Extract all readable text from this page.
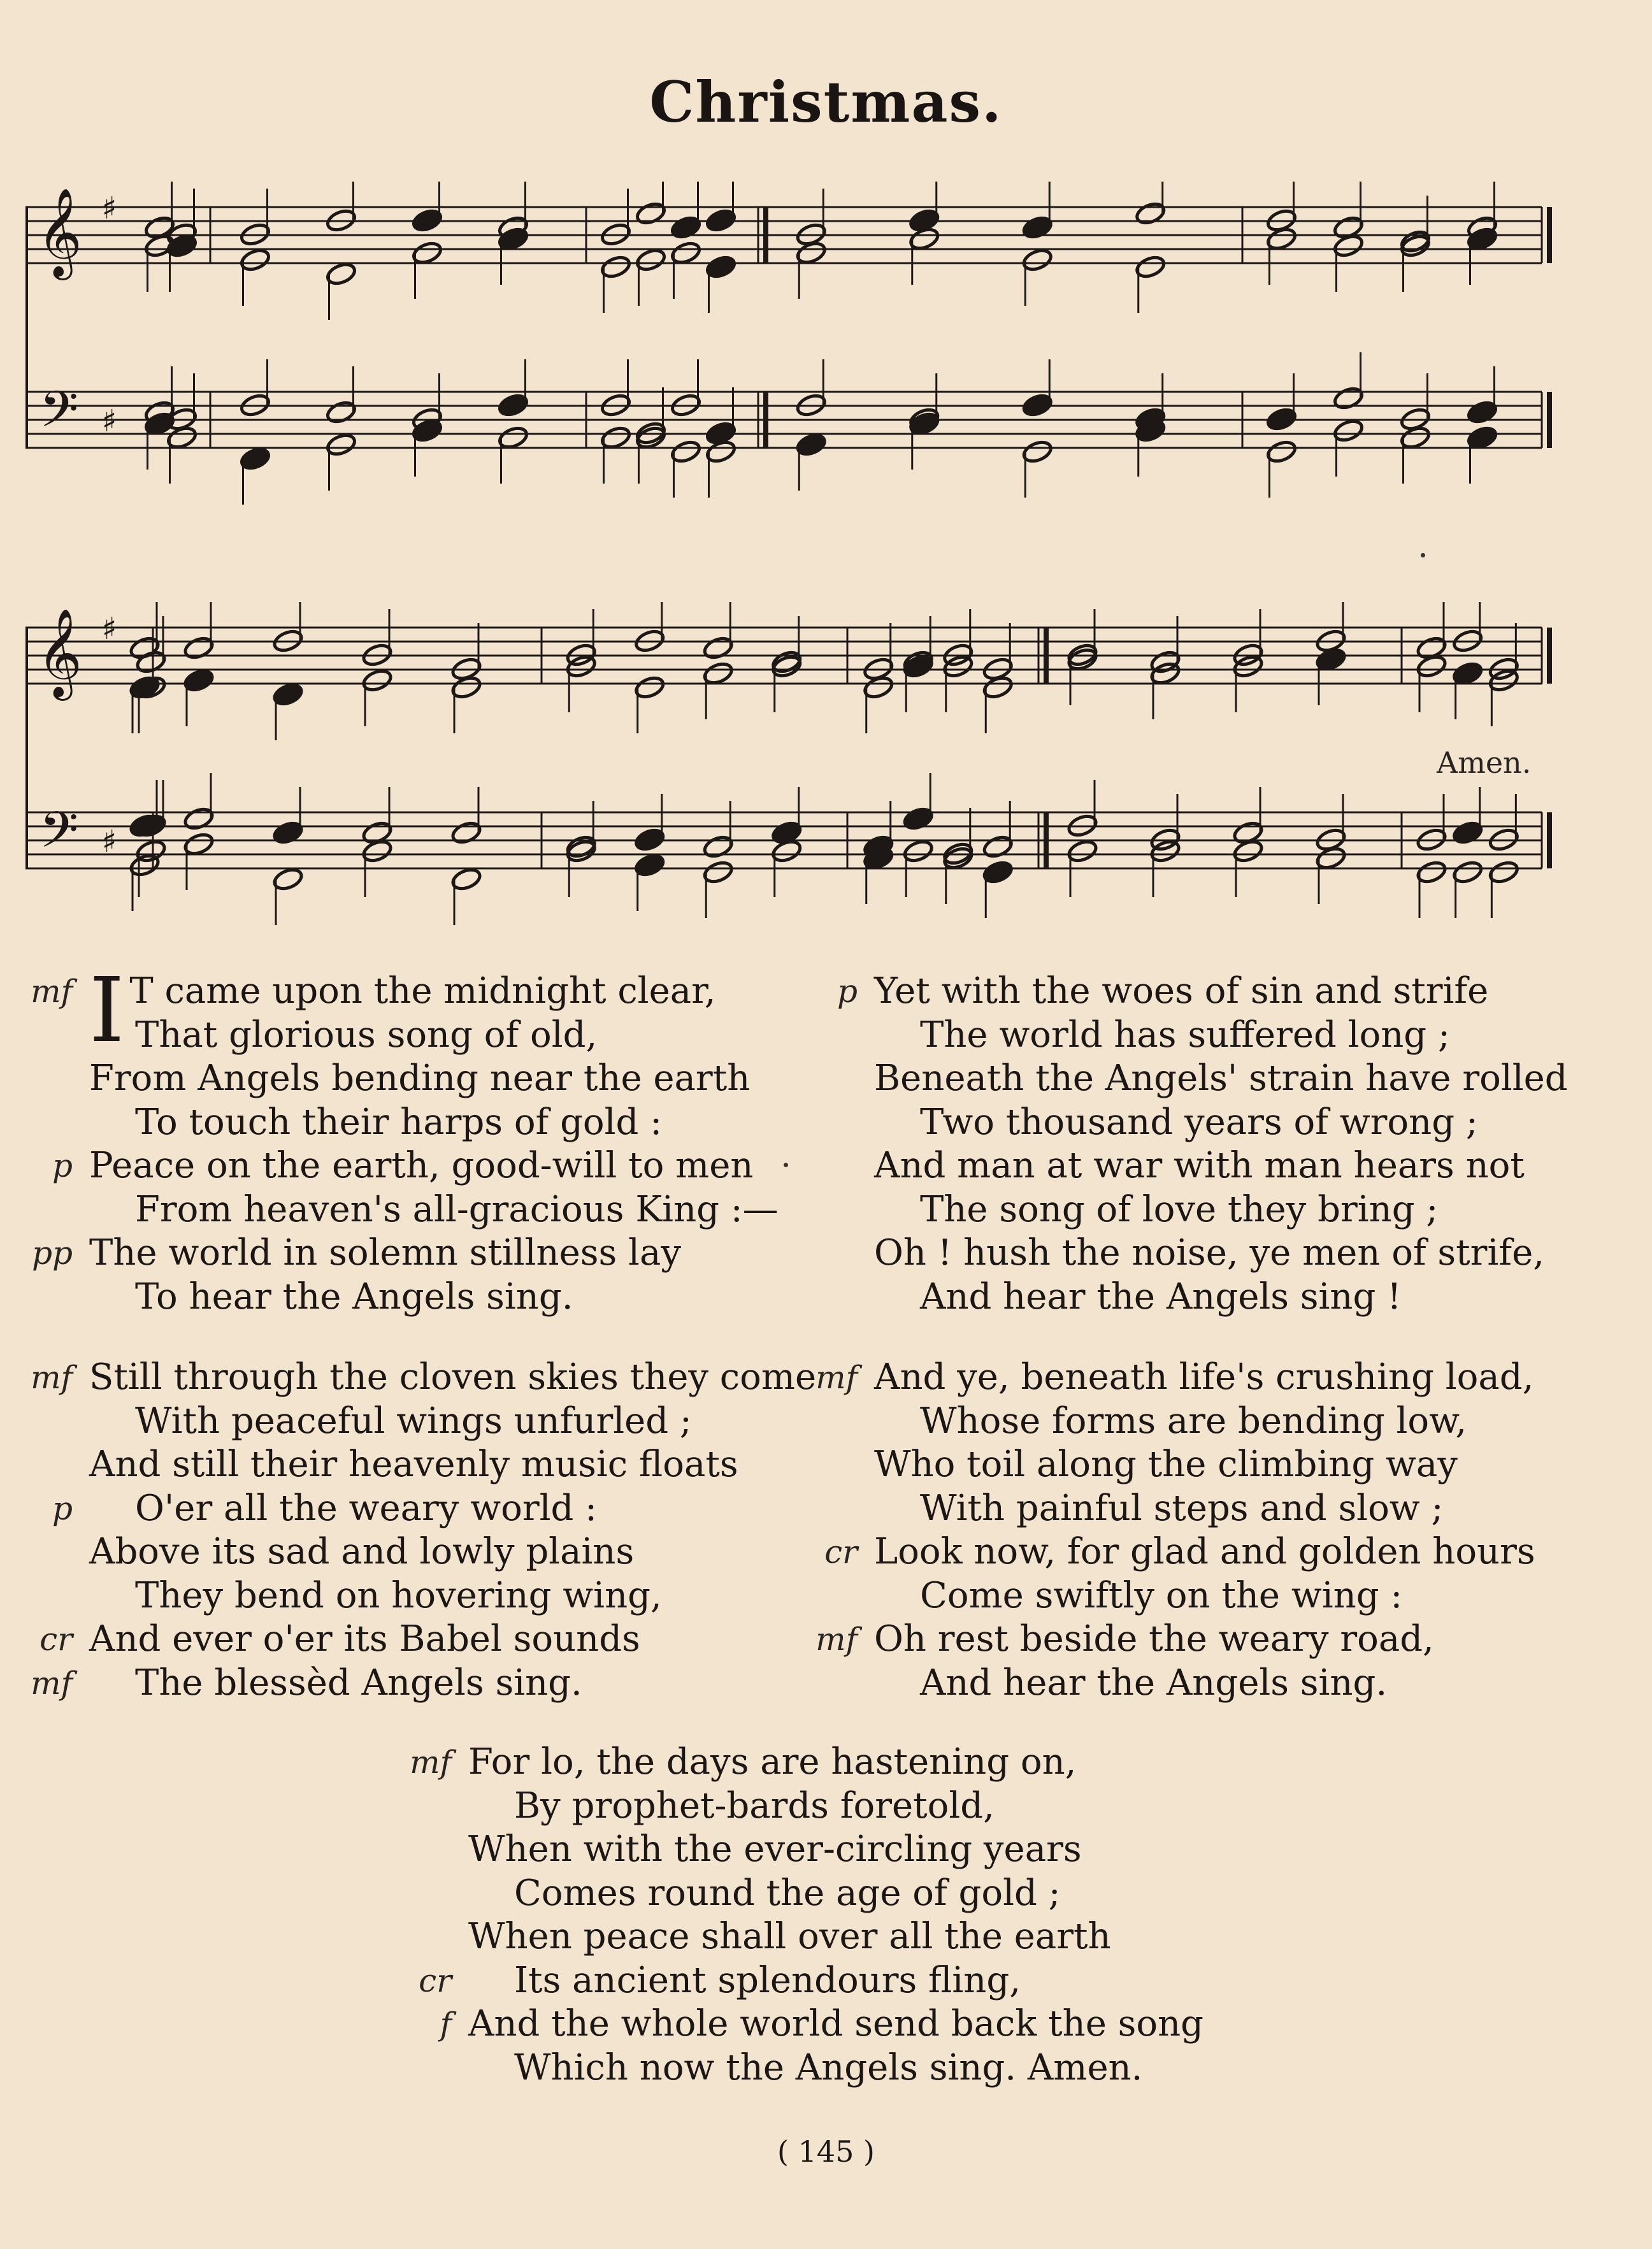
Christmas.
𝄞
𝄢
♯
♯
𝄞
𝄢
♯
♯
Amen.
mf I T came upon the midnight clear,
That glorious song of old,
From Angels bending near the earth
To touch their harps of gold :
p Peace on the earth, good-will to men
From heaven's all-gracious King :—
pp The world in solemn stillness lay
To hear the Angels sing.
mf Still through the cloven skies they come
With peaceful wings unfurled ;
And still their heavenly music floats
p O'er all the weary world :
Above its sad and lowly plains
They bend on hovering wing,
cr And ever o'er its Babel sounds
mf The blessèd Angels sing.
p Yet with the woes of sin and strife
The world has suffered long ;
Beneath the Angels' strain have rolled
Two thousand years of wrong ;
And man at war with man hears not
The song of love they bring ;
Oh ! hush the noise, ye men of strife,
And hear the Angels sing !
mf And ye, beneath life's crushing load,
Whose forms are bending low,
Who toil along the climbing way
With painful steps and slow ;
cr Look now, for glad and golden hours
Come swiftly on the wing :
mf Oh rest beside the weary road,
And hear the Angels sing.
mf For lo, the days are hastening on,
By prophet-bards foretold,
When with the ever-circling years
Comes round the age of gold ;
When peace shall over all the earth
cr Its ancient splendours fling,
f And the whole world send back the song
Which now the Angels sing. Amen.
( 145 )
